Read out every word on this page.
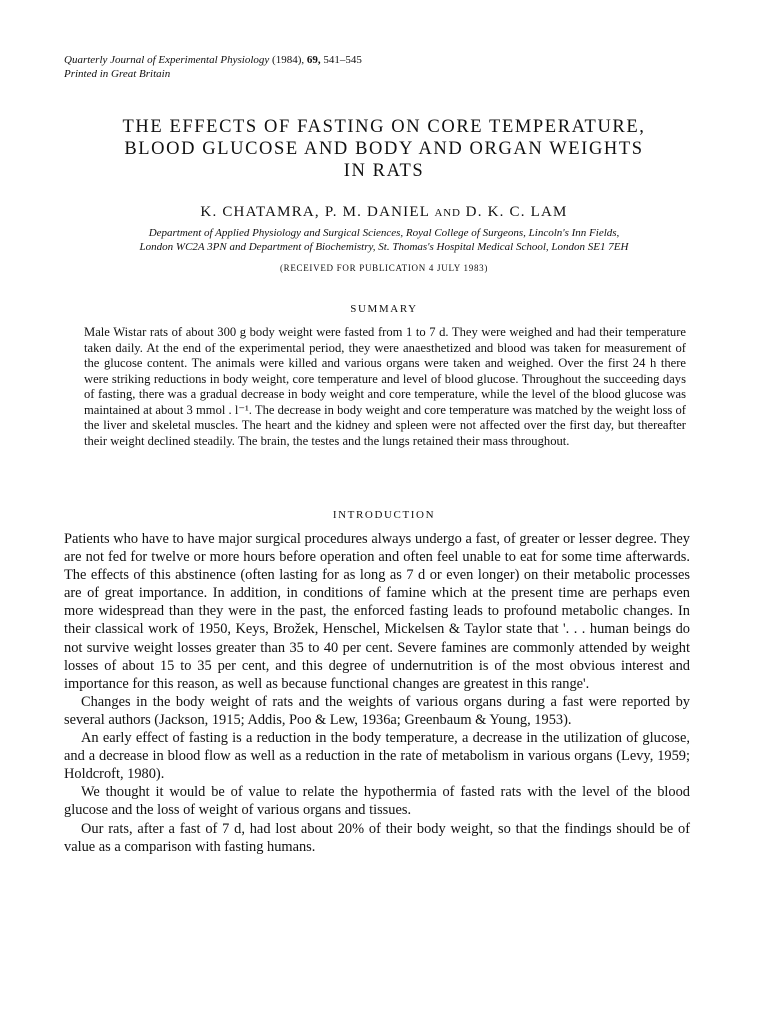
Quarterly Journal of Experimental Physiology (1984), 69, 541–545
Printed in Great Britain
THE EFFECTS OF FASTING ON CORE TEMPERATURE,
BLOOD GLUCOSE AND BODY AND ORGAN WEIGHTS
IN RATS
K. CHATAMRA, P. M. DANIEL AND D. K. C. LAM
Department of Applied Physiology and Surgical Sciences, Royal College of Surgeons, Lincoln's Inn Fields,
London WC2A 3PN and Department of Biochemistry, St. Thomas's Hospital Medical School, London SE1 7EH
(RECEIVED FOR PUBLICATION 4 JULY 1983)
SUMMARY
Male Wistar rats of about 300 g body weight were fasted from 1 to 7 d. They were weighed and had their temperature taken daily. At the end of the experimental period, they were anaesthetized and blood was taken for measurement of the glucose content. The animals were killed and various organs were taken and weighed. Over the first 24 h there were striking reductions in body weight, core temperature and level of blood glucose. Throughout the succeeding days of fasting, there was a gradual decrease in body weight and core temperature, while the level of the blood glucose was maintained at about 3 mmol . l⁻¹. The decrease in body weight and core temperature was matched by the weight loss of the liver and skeletal muscles. The heart and the kidney and spleen were not affected over the first day, but thereafter their weight declined steadily. The brain, the testes and the lungs retained their mass throughout.
INTRODUCTION

Patients who have to have major surgical procedures always undergo a fast, of greater or lesser degree. They are not fed for twelve or more hours before operation and often feel unable to eat for some time afterwards. The effects of this abstinence (often lasting for as long as 7 d or even longer) on their metabolic processes are of great importance. In addition, in conditions of famine which at the present time are perhaps even more widespread than they were in the past, the enforced fasting leads to profound metabolic changes. In their classical work of 1950, Keys, Brožek, Henschel, Mickelsen & Taylor state that '. . . human beings do not survive weight losses greater than 35 to 40 per cent. Severe famines are commonly attended by weight losses of about 15 to 35 per cent, and this degree of undernutrition is of the most obvious interest and importance for this reason, as well as because functional changes are greatest in this range'.

Changes in the body weight of rats and the weights of various organs during a fast were reported by several authors (Jackson, 1915; Addis, Poo & Lew, 1936a; Greenbaum & Young, 1953).

An early effect of fasting is a reduction in the body temperature, a decrease in the utilization of glucose, and a decrease in blood flow as well as a reduction in the rate of metabolism in various organs (Levy, 1959; Holdcroft, 1980).

We thought it would be of value to relate the hypothermia of fasted rats with the level of the blood glucose and the loss of weight of various organs and tissues.

Our rats, after a fast of 7 d, had lost about 20% of their body weight, so that the findings should be of value as a comparison with fasting humans.
